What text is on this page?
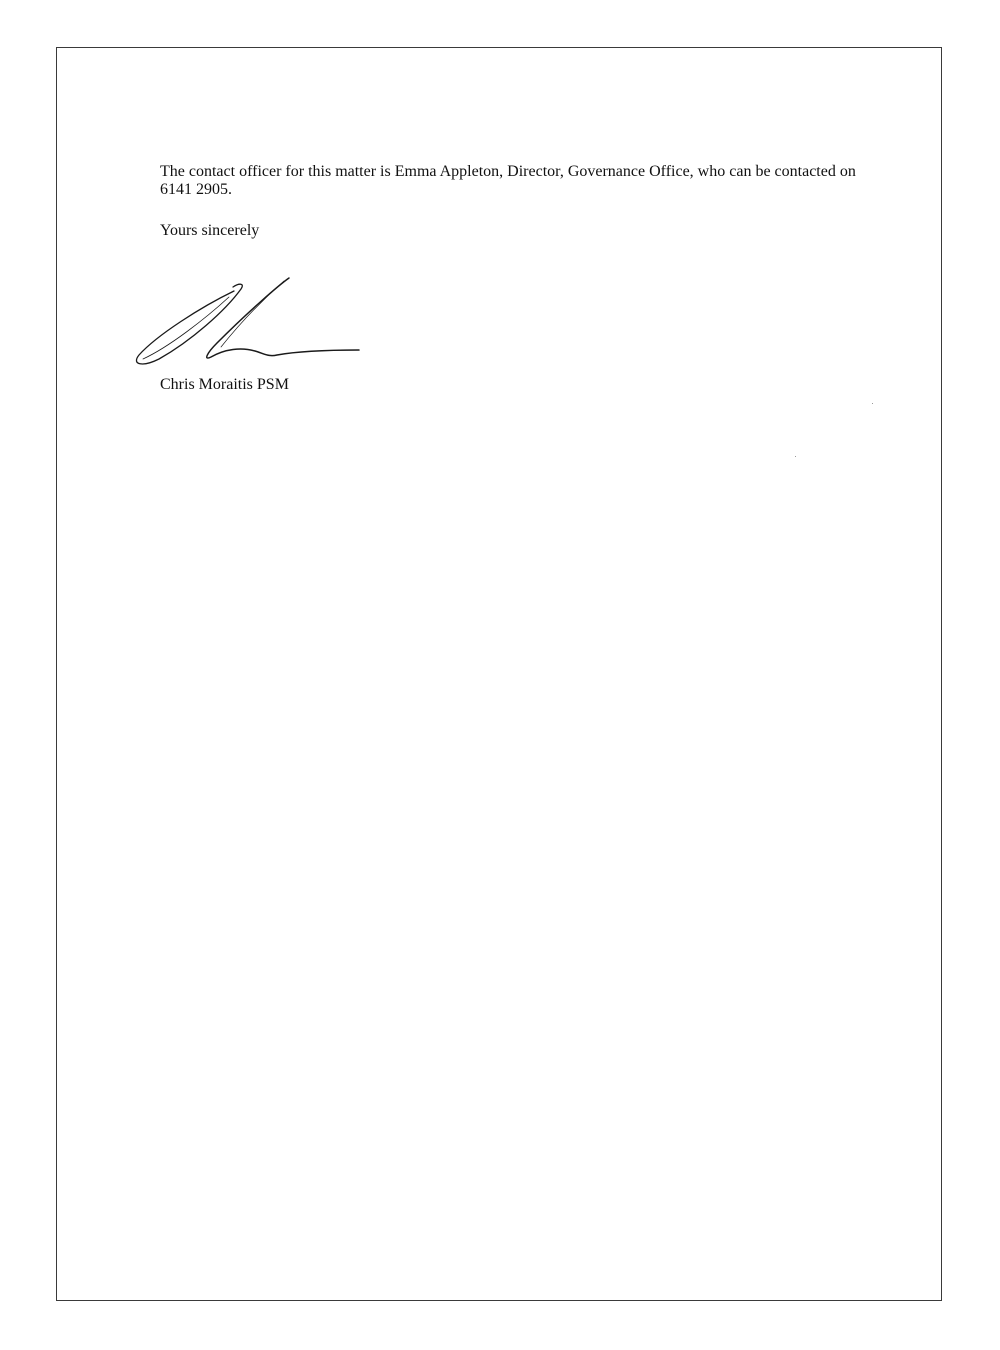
The contact officer for this matter is Emma Appleton, Director, Governance Office, who can be contacted on 6141 2905.

Yours sincerely

Chris Moraitis PSM
